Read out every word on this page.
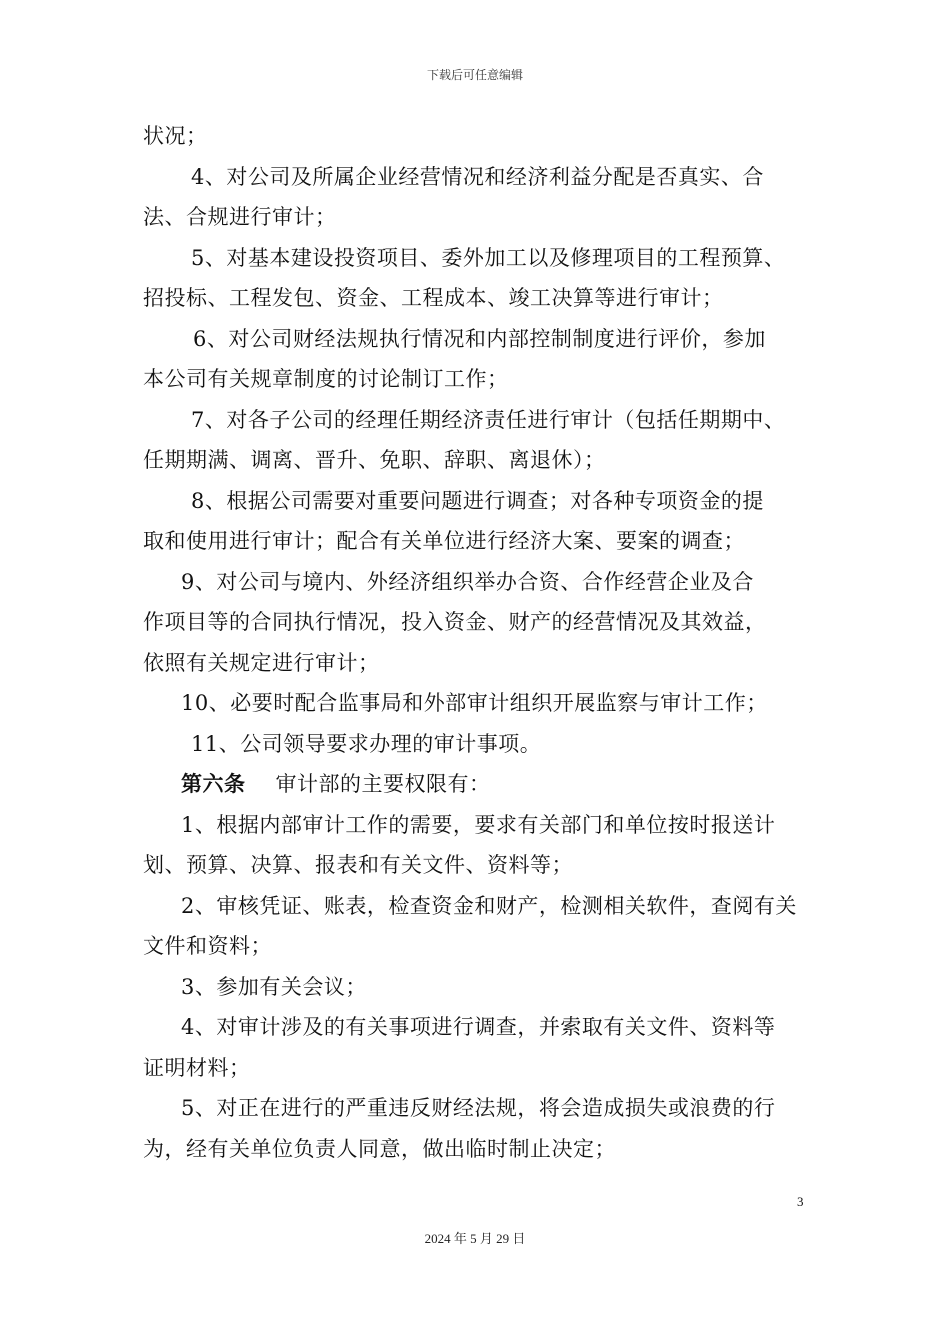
下载后可任意编辑
状况；
4、对公司及所属企业经营情况和经济利益分配是否真实、合
法、合规进行审计；
5、对基本建设投资项目、委外加工以及修理项目的工程预算、
招投标、工程发包、资金、工程成本、竣工决算等进行审计；
6、对公司财经法规执行情况和内部控制制度进行评价，参加
本公司有关规章制度的讨论制订工作；
7、对各子公司的经理任期经济责任进行审计（包括任期期中、
任期期满、调离、晋升、免职、辞职、离退休）；
8、根据公司需要对重要问题进行调查；对各种专项资金的提
取和使用进行审计；配合有关单位进行经济大案、要案的调查；
9、对公司与境内、外经济组织举办合资、合作经营企业及合
作项目等的合同执行情况，投入资金、财产的经营情况及其效益，
依照有关规定进行审计；
10、必要时配合监事局和外部审计组织开展监察与审计工作；
11、公司领导要求办理的审计事项。
第六条 审计部的主要权限有：
1、根据内部审计工作的需要，要求有关部门和单位按时报送计
划、预算、决算、报表和有关文件、资料等；
2、审核凭证、账表，检查资金和财产，检测相关软件，查阅有关
文件和资料；
3、参加有关会议；
4、对审计涉及的有关事项进行调查，并索取有关文件、资料等
证明材料；
5、对正在进行的严重违反财经法规，将会造成损失或浪费的行
为，经有关单位负责人同意，做出临时制止决定；
3
2024 年 5 月 29 日
